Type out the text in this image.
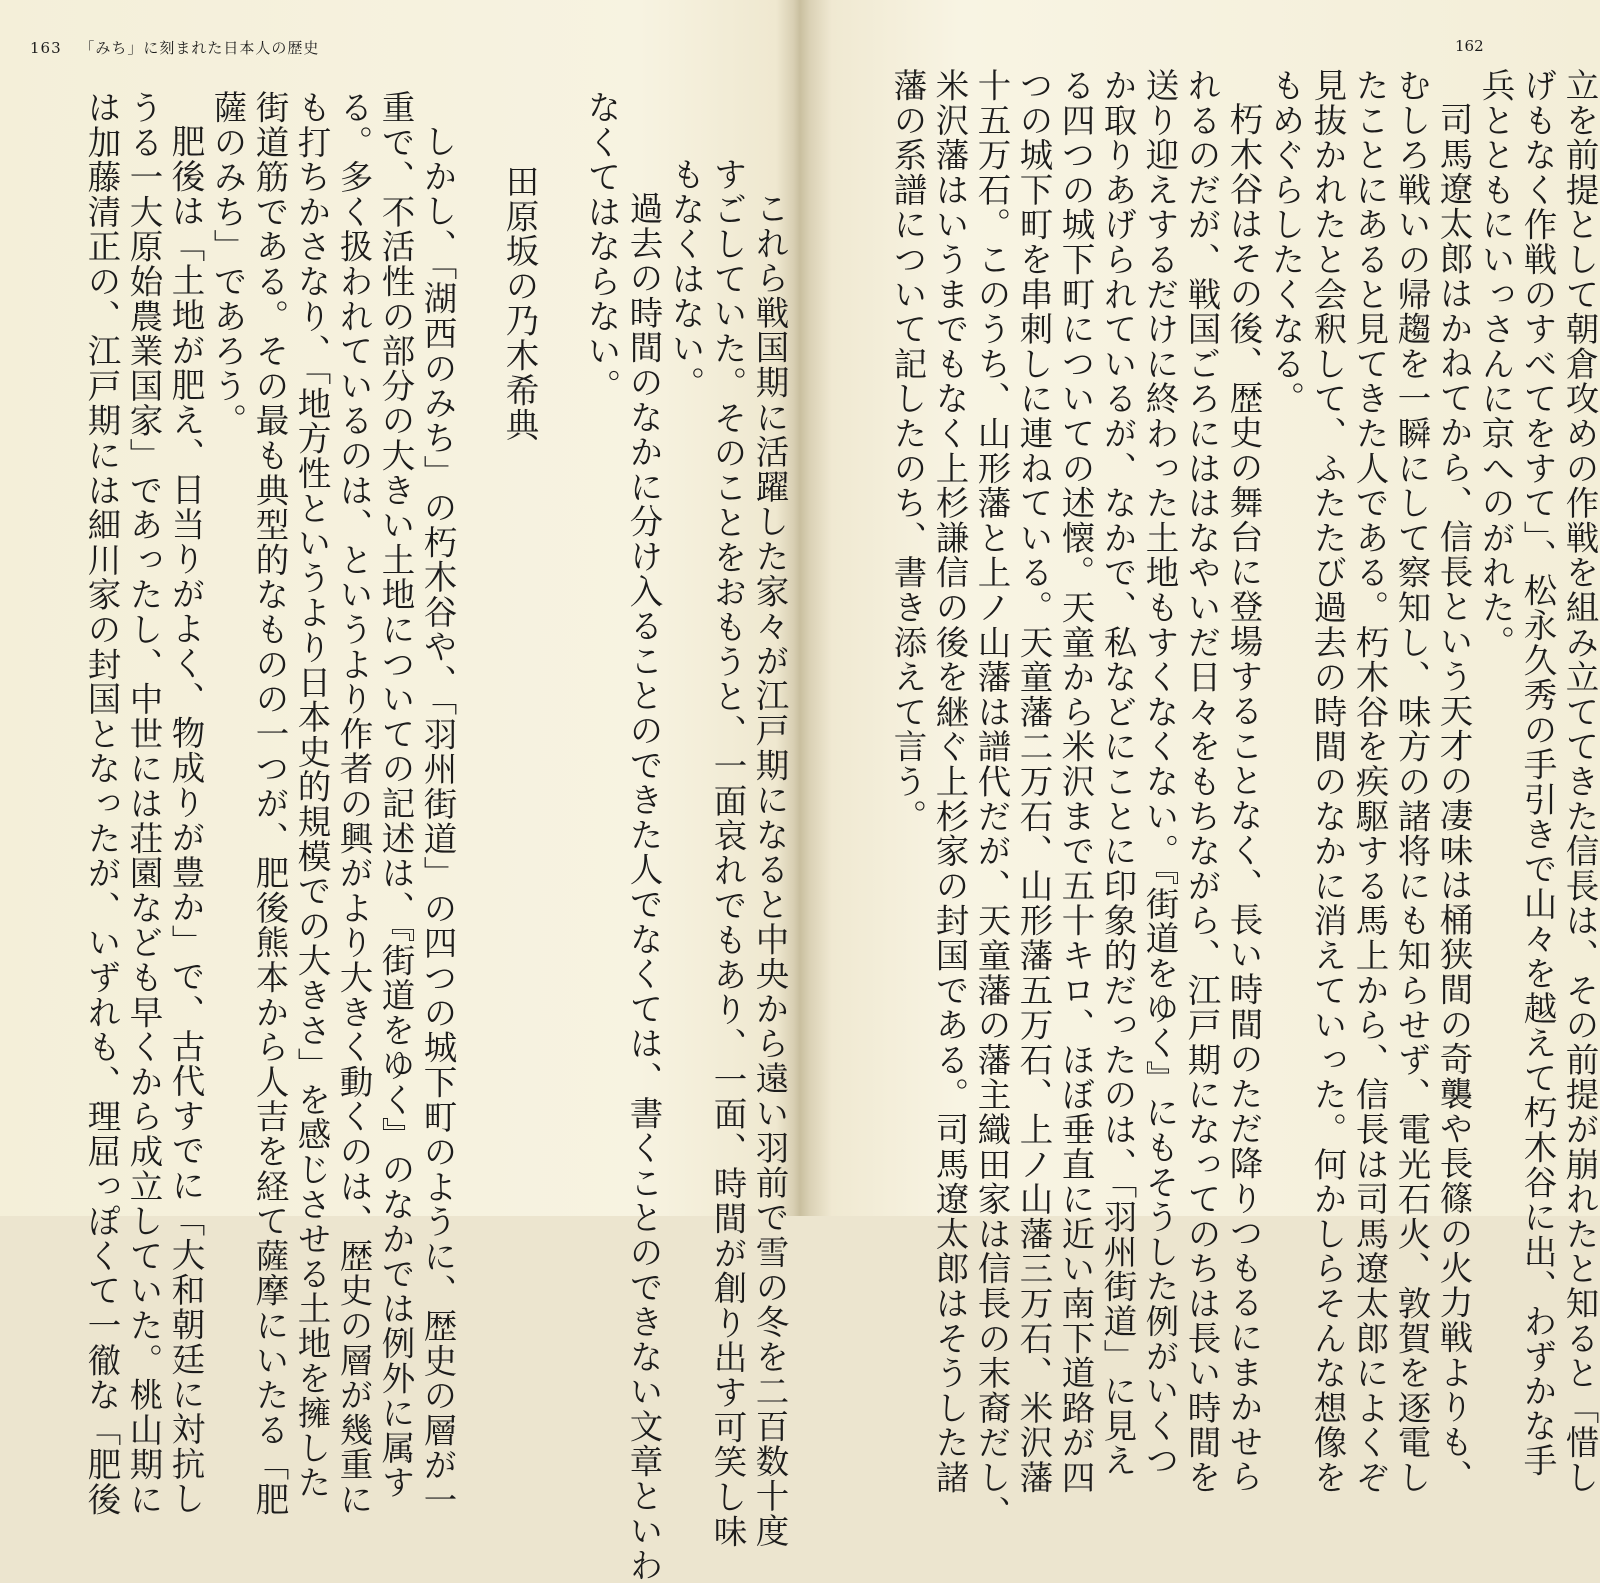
163 「みち」に刻まれた日本人の歴史
これら戦国期に活躍した家々が江戸期になると中央から遠い羽前で雪の冬を二百数十度
すごしていた。そのことをおもうと、一面哀れでもあり、一面、時間が創り出す可笑し味
もなくはない。
過去の時間のなかに分け入ることのできた人でなくては、書くことのできない文章といわ
なくてはならない。
田原坂の乃木希典
しかし、「湖西のみち」の朽木谷や、「羽州街道」の四つの城下町のように、歴史の層が一
重で、不活性の部分の大きい土地についての記述は、『街道をゆく』のなかでは例外に属す
る。多く扱われているのは、というより作者の興がより大きく動くのは、歴史の層が幾重に
も打ちかさなり、「地方性というより日本史的規模での大きさ」を感じさせる土地を擁した
街道筋である。その最も典型的なものの一つが、肥後熊本から人吉を経て薩摩にいたる「肥
薩のみち」であろう。
肥後は「土地が肥え、日当りがよく、物成りが豊か」で、古代すでに「大和朝廷に対抗し
うる一大原始農業国家」であったし、中世には荘園なども早くから成立していた。桃山期に
は加藤清正の、江戸期には細川家の封国となったが、いずれも、理屈っぽくて一徹な「肥後
162
立を前提として朝倉攻めの作戦を組み立ててきた信長は、その前提が崩れたと知ると「惜し
げもなく作戦のすべてをすて」、松永久秀の手引きで山々を越えて朽木谷に出、わずかな手
兵とともにいっさんに京へのがれた。
司馬遼太郎はかねてから、信長という天才の凄味は桶狭間の奇襲や長篠の火力戦よりも、
むしろ戦いの帰趨を一瞬にして察知し、味方の諸将にも知らせず、電光石火、敦賀を逐電し
たことにあると見てきた人である。朽木谷を疾駆する馬上から、信長は司馬遼太郎によくぞ
見抜かれたと会釈して、ふたたび過去の時間のなかに消えていった。何かしらそんな想像を
もめぐらしたくなる。
朽木谷はその後、歴史の舞台に登場することなく、長い時間のただ降りつもるにまかせら
れるのだが、戦国ごろにははなやいだ日々をもちながら、江戸期になってのちは長い時間を
送り迎えするだけに終わった土地もすくなくない。『街道をゆく』にもそうした例がいくつ
か取りあげられているが、なかで、私などにことに印象的だったのは、「羽州街道」に見え
る四つの城下町についての述懐。天童から米沢まで五十キロ、ほぼ垂直に近い南下道路が四
つの城下町を串刺しに連ねている。天童藩二万石、山形藩五万石、上ノ山藩三万石、米沢藩
十五万石。このうち、山形藩と上ノ山藩は譜代だが、天童藩の藩主織田家は信長の末裔だし、
米沢藩はいうまでもなく上杉謙信の後を継ぐ上杉家の封国である。司馬遼太郎はそうした諸
藩の系譜について記したのち、書き添えて言う。
